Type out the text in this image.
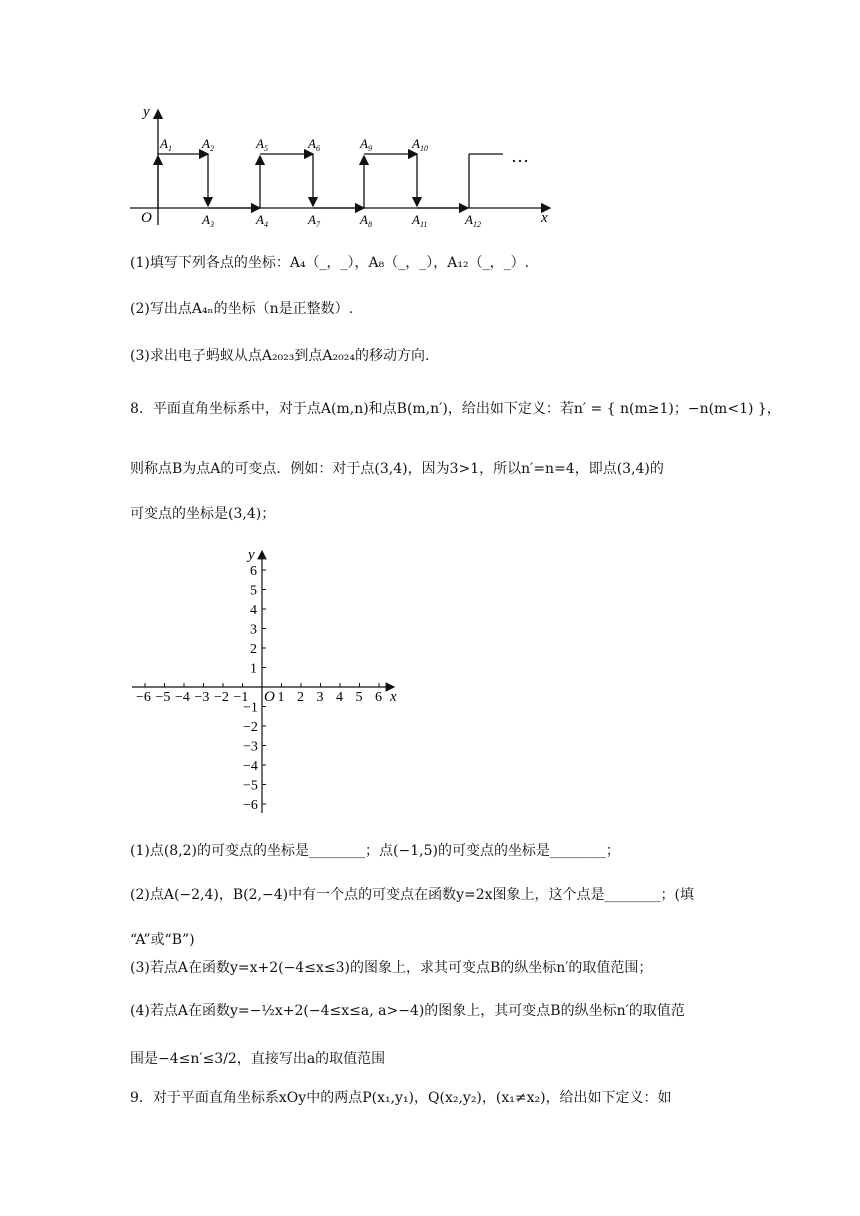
y
x
O
…
$A_1$ $A_2$	$A_5$	$A_6$	$A_9$	$A_{10}$
$A_3$	$A_4$	$A_7$	$A_8$	$A_{11}$	$A_{12}$
(1)填写下列各点的坐标：A₄（_，_），A₈（_，_），A₁₂（_，_）.
(2)写出点A₄ₙ的坐标（n是正整数）.
(3)求出电子蚂蚁从点A₂₀₂₃到点A₂₀₂₄的移动方向.
8．平面直角坐标系中，对于点A(m,n)和点B(m,n′)，给出如下定义：若n′ = { n(m≥1)；−n(m<1) }，
则称点B为点A的可变点．例如：对于点(3,4)，因为3>1，所以n′=n=4，即点(3,4)的
可变点的坐标是(3,4)；
−6 −5 −4 −3 −2 −1 1 2 3 4 5 6
6
5
4
3
2
1
−1
−2
−3
−4
−5
−6
y
x
O
(1)点(8,2)的可变点的坐标是________；点(−1,5)的可变点的坐标是________；
(2)点A(−2,4)，B(2,−4)中有一个点的可变点在函数y=2x图象上，这个点是________；(填
“A”或“B”)
(3)若点A在函数y=x+2(−4≤x≤3)的图象上，求其可变点B的纵坐标n′的取值范围；
(4)若点A在函数y=−½x+2(−4≤x≤a, a>−4)的图象上，其可变点B的纵坐标n′的取值范
围是−4≤n′≤3/2，直接写出a的取值范围
9．对于平面直角坐标系xOy中的两点P(x₁,y₁)，Q(x₂,y₂)，(x₁≠x₂)，给出如下定义：如
